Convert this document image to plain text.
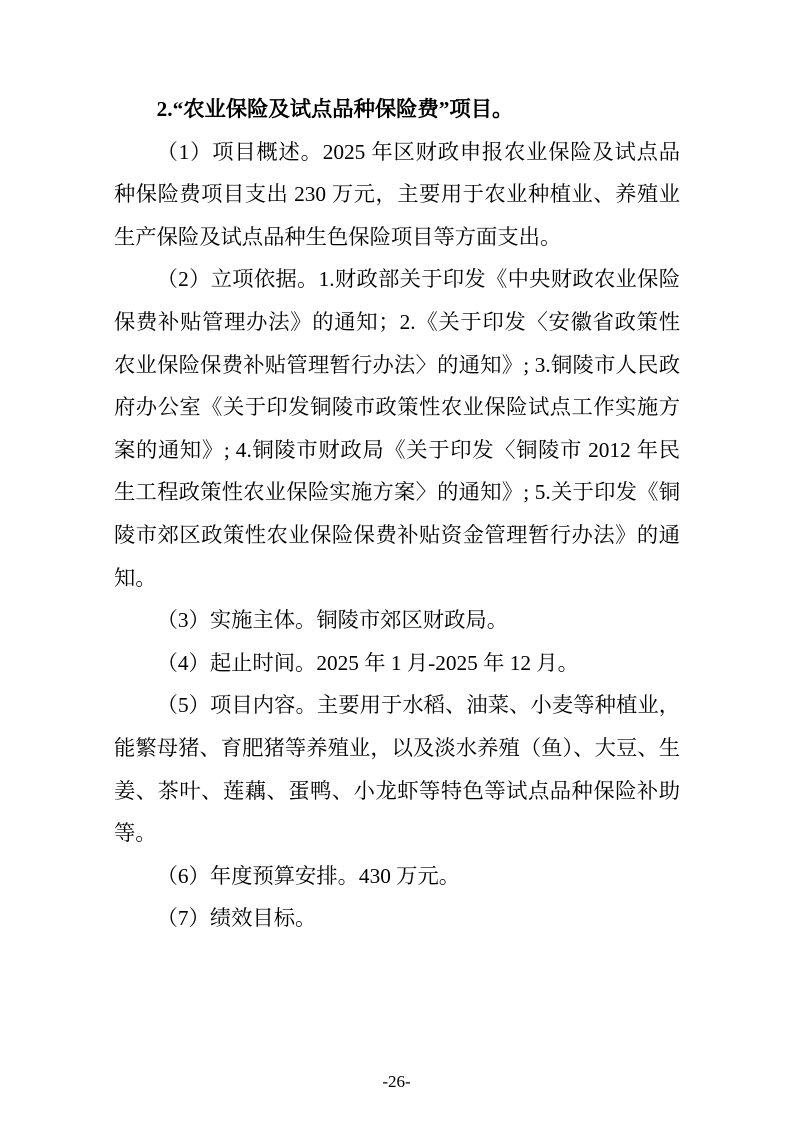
2.“农业保险及试点品种保险费”项目。

（1）项目概述。2025 年区财政申报农业保险及试点品种保险费项目支出 230 万元，主要用于农业种植业、养殖业生产保险及试点品种生色保险项目等方面支出。

（2）立项依据。1.财政部关于印发《中央财政农业保险保费补贴管理办法》的通知；2.《关于印发〈安徽省政策性农业保险保费补贴管理暂行办法〉的通知》; 3.铜陵市人民政府办公室《关于印发铜陵市政策性农业保险试点工作实施方案的通知》; 4.铜陵市财政局《关于印发〈铜陵市 2012 年民生工程政策性农业保险实施方案〉的通知》; 5.关于印发《铜陵市郊区政策性农业保险保费补贴资金管理暂行办法》的通知。

（3）实施主体。铜陵市郊区财政局。

（4）起止时间。2025 年 1 月-2025 年 12 月。

（5）项目内容。主要用于水稻、油菜、小麦等种植业，能繁母猪、育肥猪等养殖业，以及淡水养殖（鱼）、大豆、生姜、茶叶、莲藕、蛋鸭、小龙虾等特色等试点品种保险补助等。

（6）年度预算安排。430 万元。

（7）绩效目标。

-26-
